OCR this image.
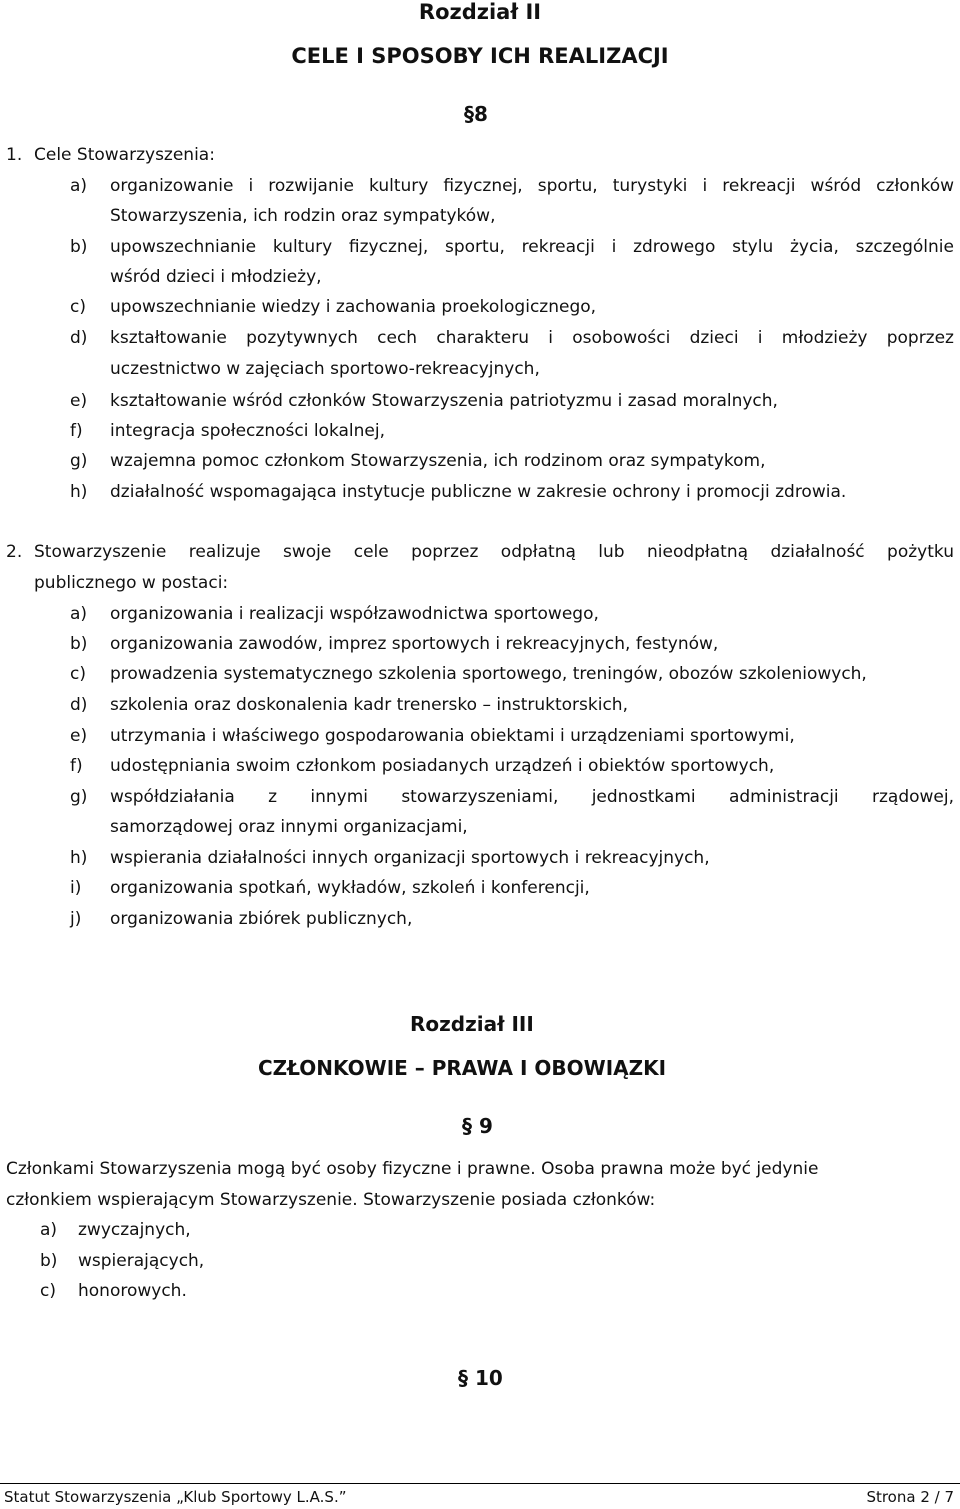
Rozdział II
CELE I SPOSOBY ICH REALIZACJI
§8
1. Cele Stowarzyszenia:
a) organizowanie i rozwijanie kultury fizycznej, sportu, turystyki i rekreacji wśród członków
Stowarzyszenia, ich rodzin oraz sympatyków,
b) upowszechnianie kultury fizycznej, sportu, rekreacji i zdrowego stylu życia, szczególnie
wśród dzieci i młodzieży,
c) upowszechnianie wiedzy i zachowania proekologicznego,
d) kształtowanie pozytywnych cech charakteru i osobowości dzieci i młodzieży poprzez
uczestnictwo w zajęciach sportowo-rekreacyjnych,
e) kształtowanie wśród członków Stowarzyszenia patriotyzmu i zasad moralnych,
f) integracja społeczności lokalnej,
g) wzajemna pomoc członkom Stowarzyszenia, ich rodzinom oraz sympatykom,
h) działalność wspomagająca instytucje publiczne w zakresie ochrony i promocji zdrowia.
2. Stowarzyszenie realizuje swoje cele poprzez odpłatną lub nieodpłatną działalność pożytku
publicznego w postaci:
a) organizowania i realizacji współzawodnictwa sportowego,
b) organizowania zawodów, imprez sportowych i rekreacyjnych, festynów,
c) prowadzenia systematycznego szkolenia sportowego, treningów, obozów szkoleniowych,
d) szkolenia oraz doskonalenia kadr trenersko – instruktorskich,
e) utrzymania i właściwego gospodarowania obiektami i urządzeniami sportowymi,
f) udostępniania swoim członkom posiadanych urządzeń i obiektów sportowych,
g) współdziałania z innymi stowarzyszeniami, jednostkami administracji rządowej,
samorządowej oraz innymi organizacjami,
h) wspierania działalności innych organizacji sportowych i rekreacyjnych,
i) organizowania spotkań, wykładów, szkoleń i konferencji,
j) organizowania zbiórek publicznych,
Rozdział III
CZŁONKOWIE – PRAWA I OBOWIĄZKI
§ 9
Członkami Stowarzyszenia mogą być osoby fizyczne i prawne. Osoba prawna może być jedynie
członkiem wspierającym Stowarzyszenie. Stowarzyszenie posiada członków:
a) zwyczajnych,
b) wspierających,
c) honorowych.
§ 10
Statut Stowarzyszenia „Klub Sportowy L.A.S.”	Strona 2 / 7
